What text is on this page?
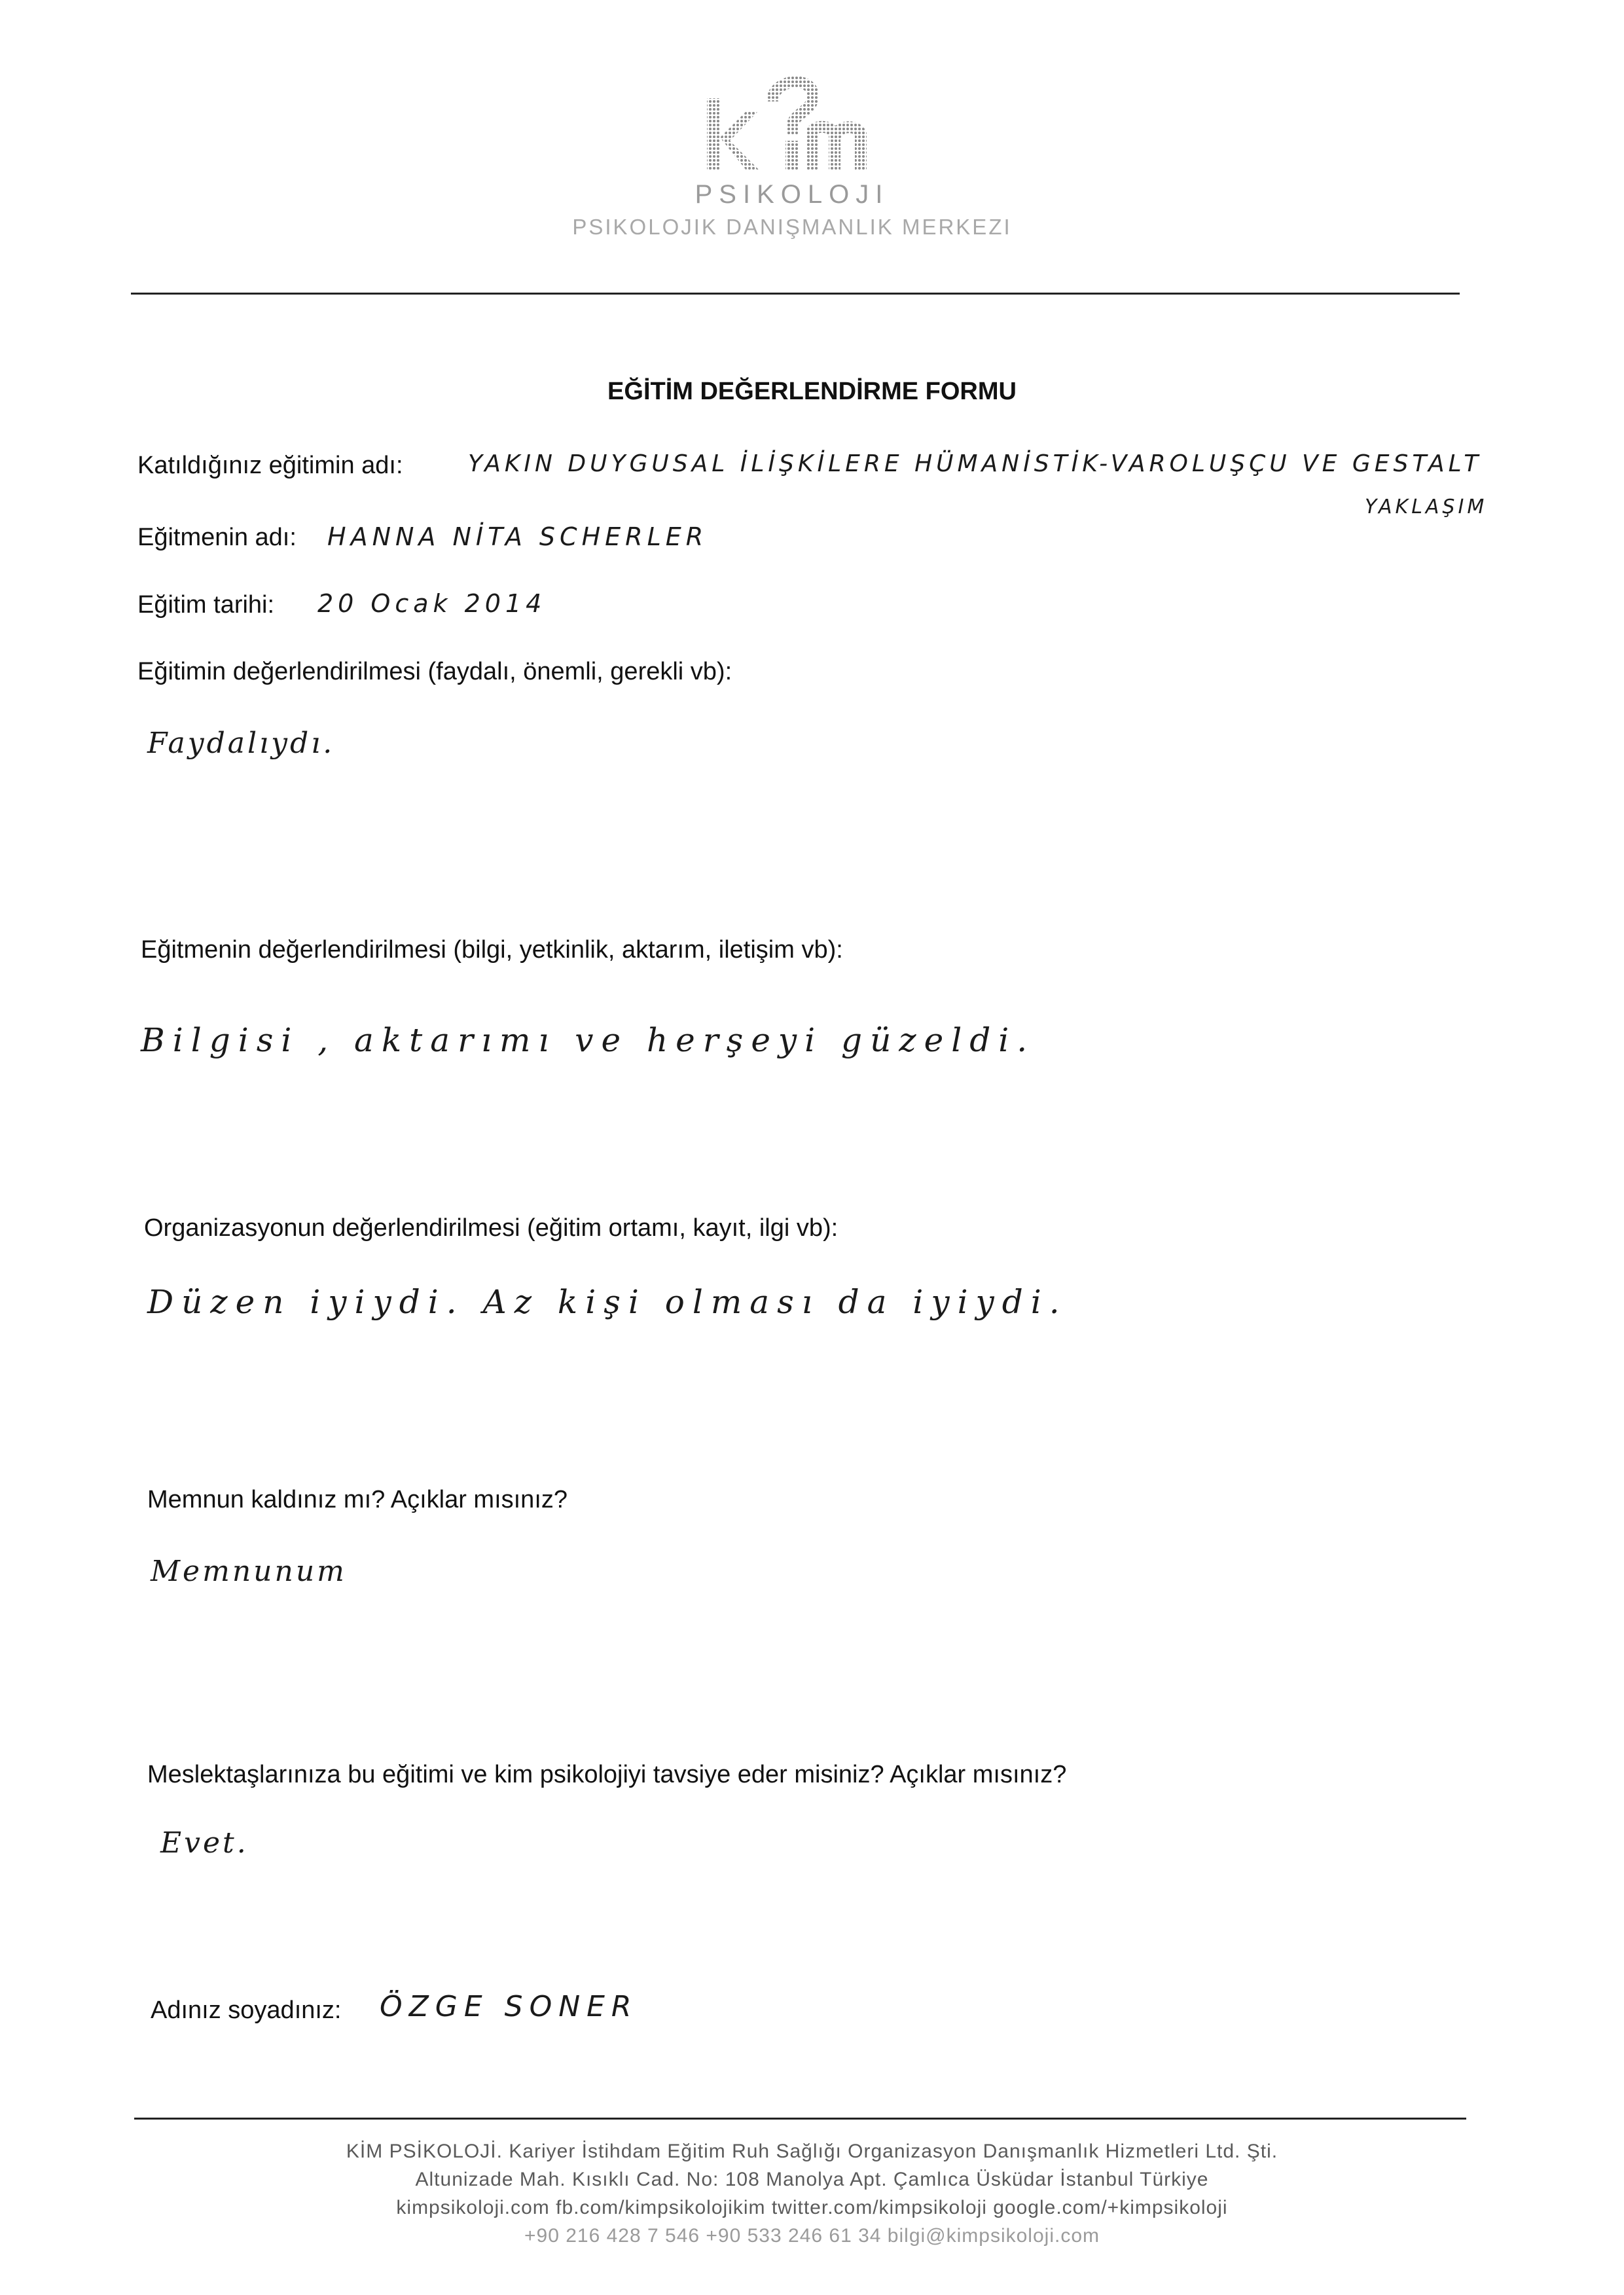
PSIKOLOJI
PSIKOLOJIK DANIŞMANLIK MERKEZI
EĞİTİM DEĞERLENDİRME FORMU
Katıldığınız eğitimin adı:	YAKIN DUYGUSAL İLİŞKİLERE HÜMANİSTİK-VAROLUŞÇU VE GESTALT
YAKLAŞIM
Eğitmenin adı: HANNA NİTA SCHERLER
Eğitim tarihi: 20 Ocak 2014
Eğitimin değerlendirilmesi (faydalı, önemli, gerekli vb):
Faydalıydı.
Eğitmenin değerlendirilmesi (bilgi, yetkinlik, aktarım, iletişim vb):
Bilgisi , aktarımı ve herşeyi güzeldi.
Organizasyonun değerlendirilmesi (eğitim ortamı, kayıt, ilgi vb):
Düzen iyiydi. Az kişi olması da iyiydi.
Memnun kaldınız mı? Açıklar mısınız?
Memnunum
Meslektaşlarınıza bu eğitimi ve kim psikolojiyi tavsiye eder misiniz? Açıklar mısınız?
Evet.
Adınız soyadınız: ÖZGE SONER
KİM PSİKOLOJİ. Kariyer İstihdam Eğitim Ruh Sağlığı Organizasyon Danışmanlık Hizmetleri Ltd. Şti.
Altunizade Mah. Kısıklı Cad. No: 108 Manolya Apt. Çamlıca Üsküdar İstanbul Türkiye
kimpsikoloji.com fb.com/kimpsikolojikim twitter.com/kimpsikoloji google.com/+kimpsikoloji
+90 216 428 7 546 +90 533 246 61 34 bilgi@kimpsikoloji.com
